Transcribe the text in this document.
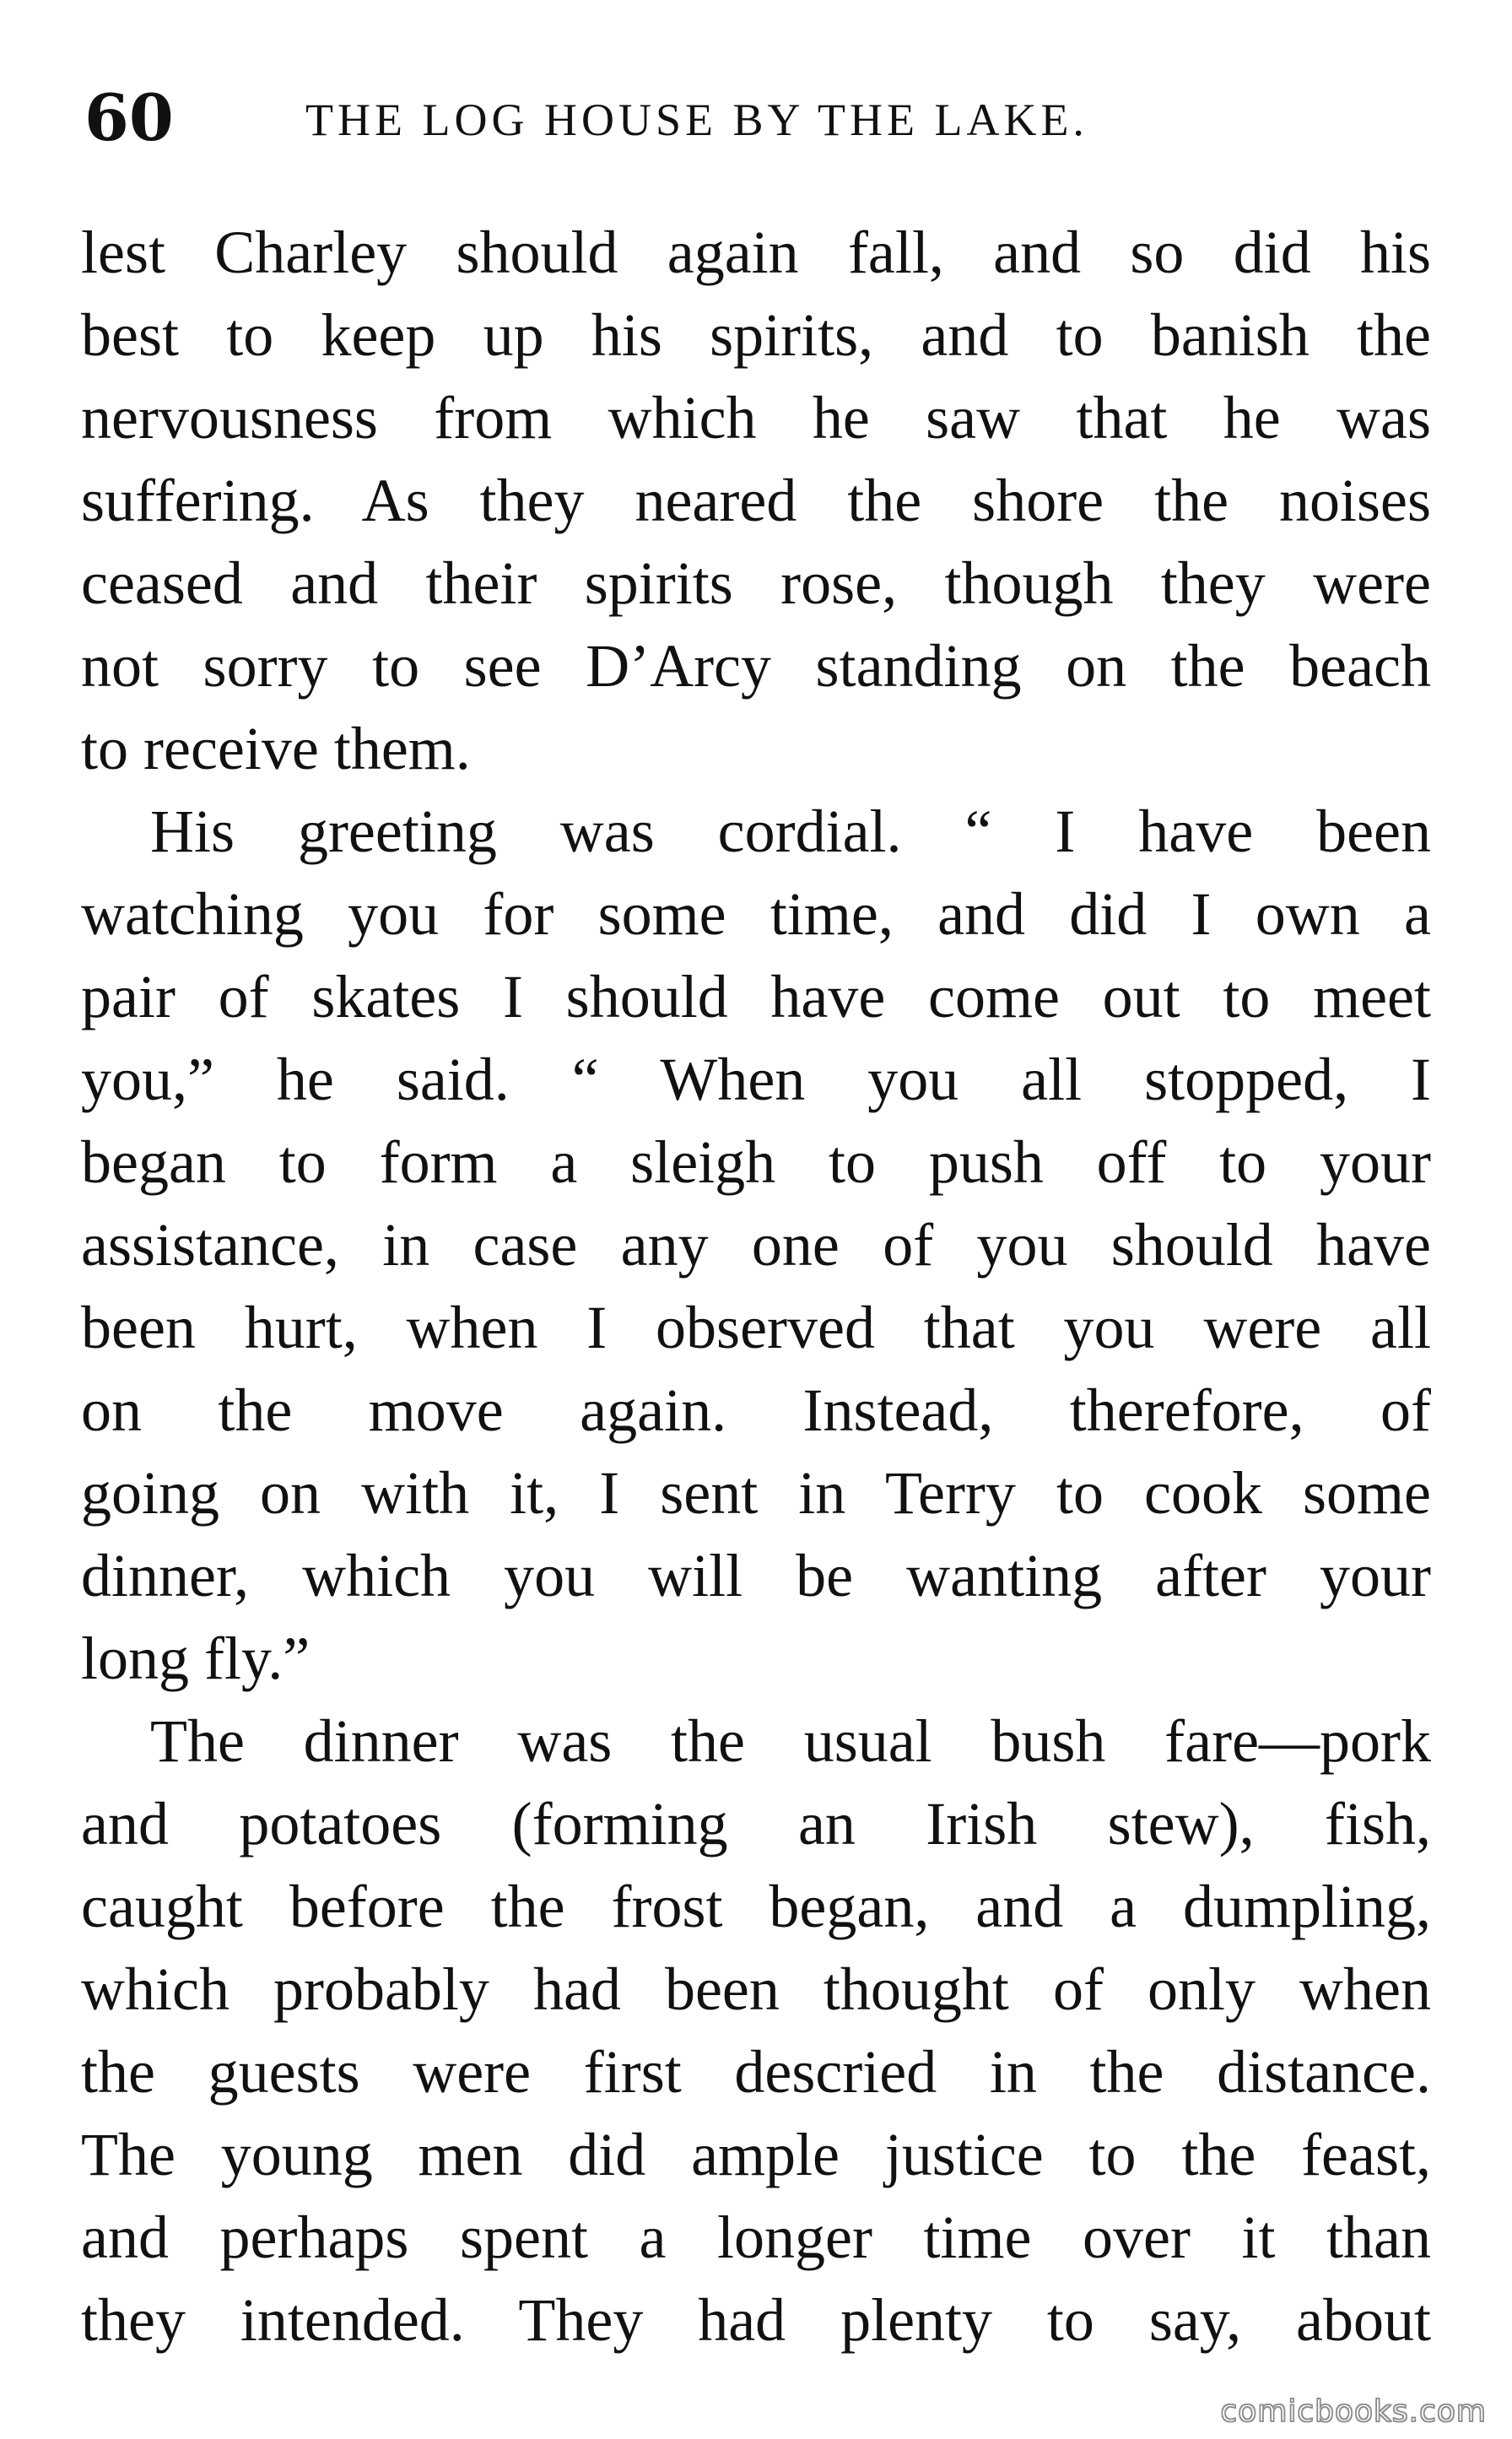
60	THE LOG HOUSE BY THE LAKE.
lest Charley should again fall, and so did his
best to keep up his spirits, and to banish the
nervousness from which he saw that he was
suffering. As they neared the shore the noises
ceased and their spirits rose, though they were
not sorry to see D’Arcy standing on the beach
to receive them.
His greeting was cordial. “ I have been
watching you for some time, and did I own a
pair of skates I should have come out to meet
you,” he said. “ When you all stopped, I
began to form a sleigh to push off to your
assistance, in case any one of you should have
been hurt, when I observed that you were all
on the move again. Instead, therefore, of
going on with it, I sent in Terry to cook some
dinner, which you will be wanting after your
long fly.”
The dinner was the usual bush fare—pork
and potatoes (forming an Irish stew), fish,
caught before the frost began, and a dumpling,
which probably had been thought of only when
the guests were first descried in the distance.
The young men did ample justice to the feast,
and perhaps spent a longer time over it than
they intended. They had plenty to say, about
comicbooks.com
